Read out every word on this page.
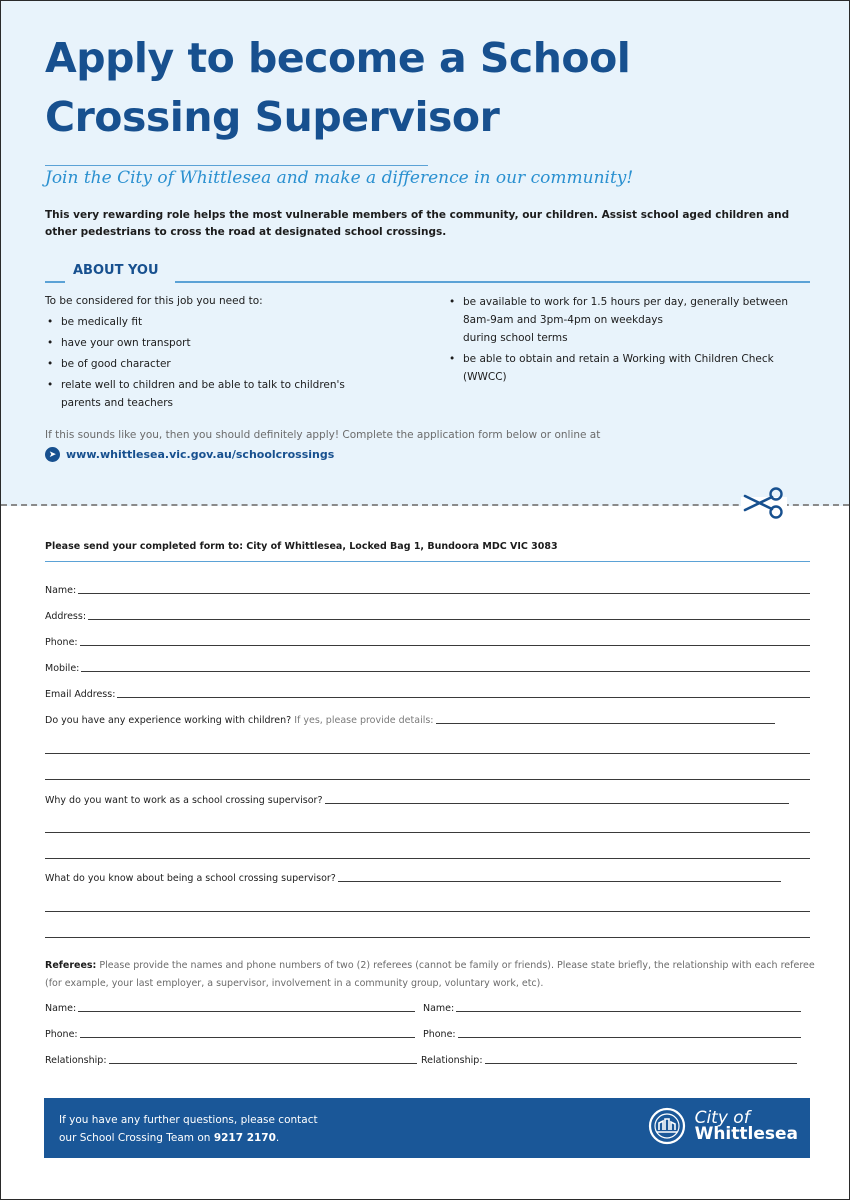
Apply to become a School Crossing Supervisor
Join the City of Whittlesea and make a difference in our community!
This very rewarding role helps the most vulnerable members of the community, our children. Assist school aged children and other pedestrians to cross the road at designated school crossings.
ABOUT YOU
To be considered for this job you need to:
• be medically fit
• have your own transport
• be of good character
• relate well to children and be able to talk to children's parents and teachers
• be available to work for 1.5 hours per day, generally between
8am-9am and 3pm-4pm on weekdays
during school terms
• be able to obtain and retain a Working with Children Check (WWCC)
If this sounds like you, then you should definitely apply! Complete the application form below or online at
➤ www.whittlesea.vic.gov.au/schoolcrossings
Please send your completed form to: City of Whittlesea, Locked Bag 1, Bundoora MDC VIC 3083
Name:
Address:
Phone:
Mobile:
Email Address:
Do you have any experience working with children? If yes, please provide details:
Why do you want to work as a school crossing supervisor?
What do you know about being a school crossing supervisor?
Referees: Please provide the names and phone numbers of two (2) referees (cannot be family or friends). Please state briefly, the relationship with each referee (for example, your last employer, a supervisor, involvement in a community group, voluntary work, etc).
Name:	Name:
Phone:	Phone:
Relationship:	Relationship:
If you have any further questions, please contact
our School Crossing Team on 9217 2170.
City of
Whittlesea
